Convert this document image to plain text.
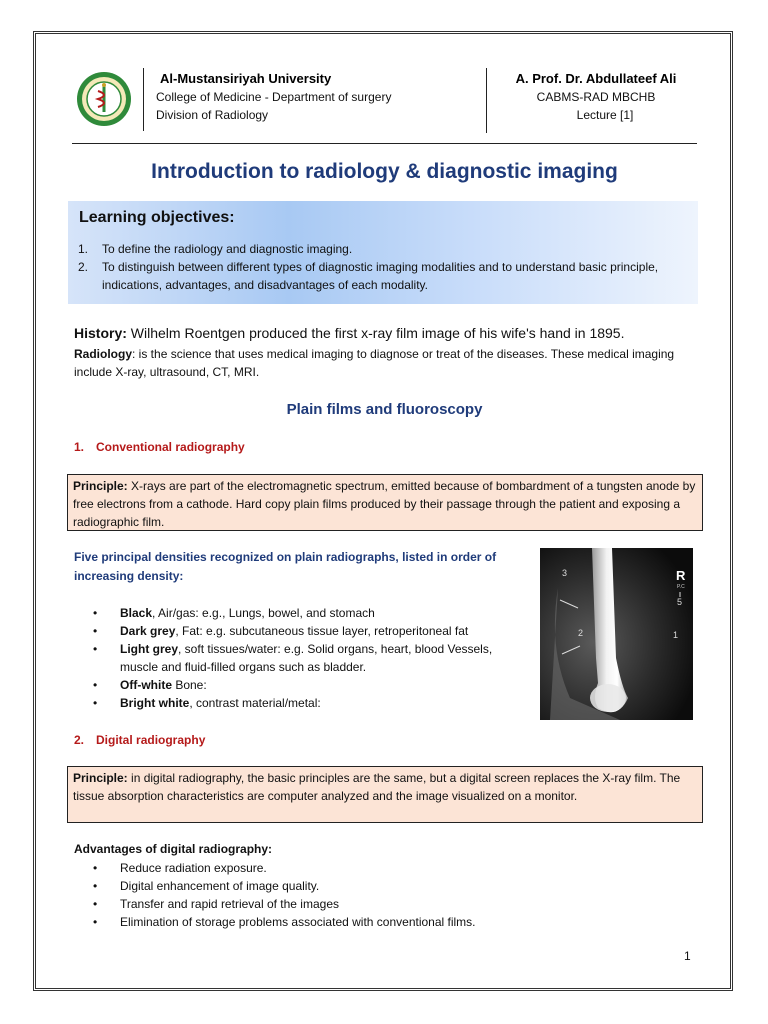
Al-Mustansiriyah University
College of Medicine - Department of surgery
Division of Radiology
A. Prof. Dr. Abdullateef Ali
CABMS-RAD MBCHB
Lecture [1]
Introduction to radiology & diagnostic imaging
Learning objectives:
1.	To define the radiology and diagnostic imaging.
2.	To distinguish between different types of diagnostic imaging modalities and to understand basic principle, indications, advantages, and disadvantages of each modality.
History: Wilhelm Roentgen produced the first x-ray film image of his wife's hand in 1895.
Radiology: is the science that uses medical imaging to diagnose or treat of the diseases. These medical imaging include X-ray, ultrasound, CT, MRI.
Plain films and fluoroscopy
1. Conventional radiography
Principle: X-rays are part of the electromagnetic spectrum, emitted because of bombardment of a tungsten anode by free electrons from a cathode. Hard copy plain films produced by their passage through the patient and exposing a radiographic film.
Five principal densities recognized on plain radiographs, listed in order of increasing density:
•	Black, Air/gas: e.g., Lungs, bowel, and stomach
•	Dark grey, Fat: e.g. subcutaneous tissue layer, retroperitoneal fat
•	Light grey, soft tissues/water: e.g. Solid organs, heart, blood Vessels, muscle and fluid-filled organs such as bladder.
•	Off-white Bone:
•	Bright white, contrast material/metal:
3
2	1
R
P.C
5
2. Digital radiography
Principle: in digital radiography, the basic principles are the same, but a digital screen replaces the X-ray film. The tissue absorption characteristics are computer analyzed and the image visualized on a monitor.
Advantages of digital radiography:
•	Reduce radiation exposure.
•	Digital enhancement of image quality.
•	Transfer and rapid retrieval of the images
•	Elimination of storage problems associated with conventional films.
1
